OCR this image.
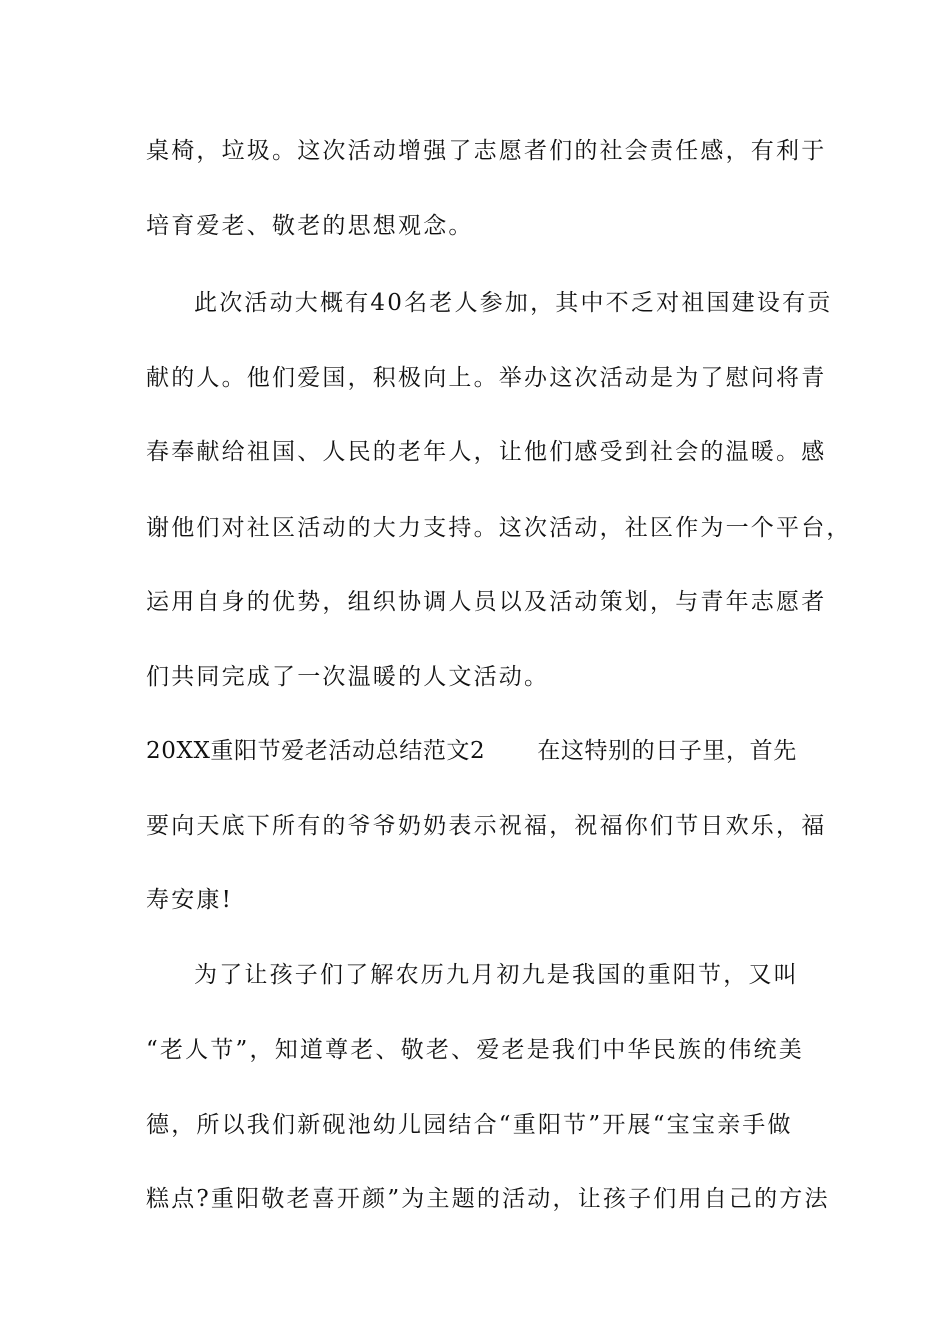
桌椅，垃圾。这次活动增强了志愿者们的社会责任感，有利于
培育爱老、敬老的思想观念。
此次活动大概有40名老人参加，其中不乏对祖国建设有贡
献的人。他们爱国，积极向上。举办这次活动是为了慰问将青
春奉献给祖国、人民的老年人，让他们感受到社会的温暖。感
谢他们对社区活动的大力支持。这次活动，社区作为一个平台，
运用自身的优势，组织协调人员以及活动策划，与青年志愿者
们共同完成了一次温暖的人文活动。
20XX重阳节爱老活动总结范文2 在这特别的日子里，首先
要向天底下所有的爷爷奶奶表示祝福，祝福你们节日欢乐，福
寿安康!
为了让孩子们了解农历九月初九是我国的重阳节，又叫
“老人节”，知道尊老、敬老、爱老是我们中华民族的伟统美
德，所以我们新砚池幼儿园结合“重阳节”开展“宝宝亲手做
糕点?重阳敬老喜开颜”为主题的活动，让孩子们用自己的方法
